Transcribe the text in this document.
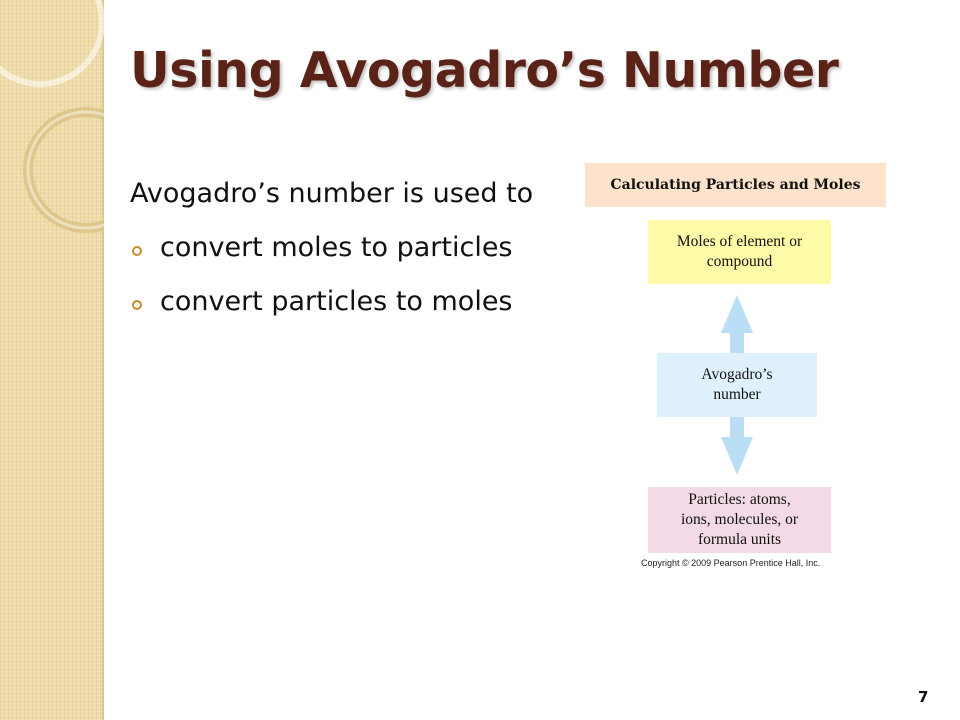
Using Avogadro’s Number
Avogadro’s number is used to
convert moles to particles
convert particles to moles
Calculating Particles and Moles
Moles of element or
compound
Avogadro’s
number
Particles: atoms,
ions, molecules, or
formula units
Copyright © 2009 Pearson Prentice Hall, Inc.
7
